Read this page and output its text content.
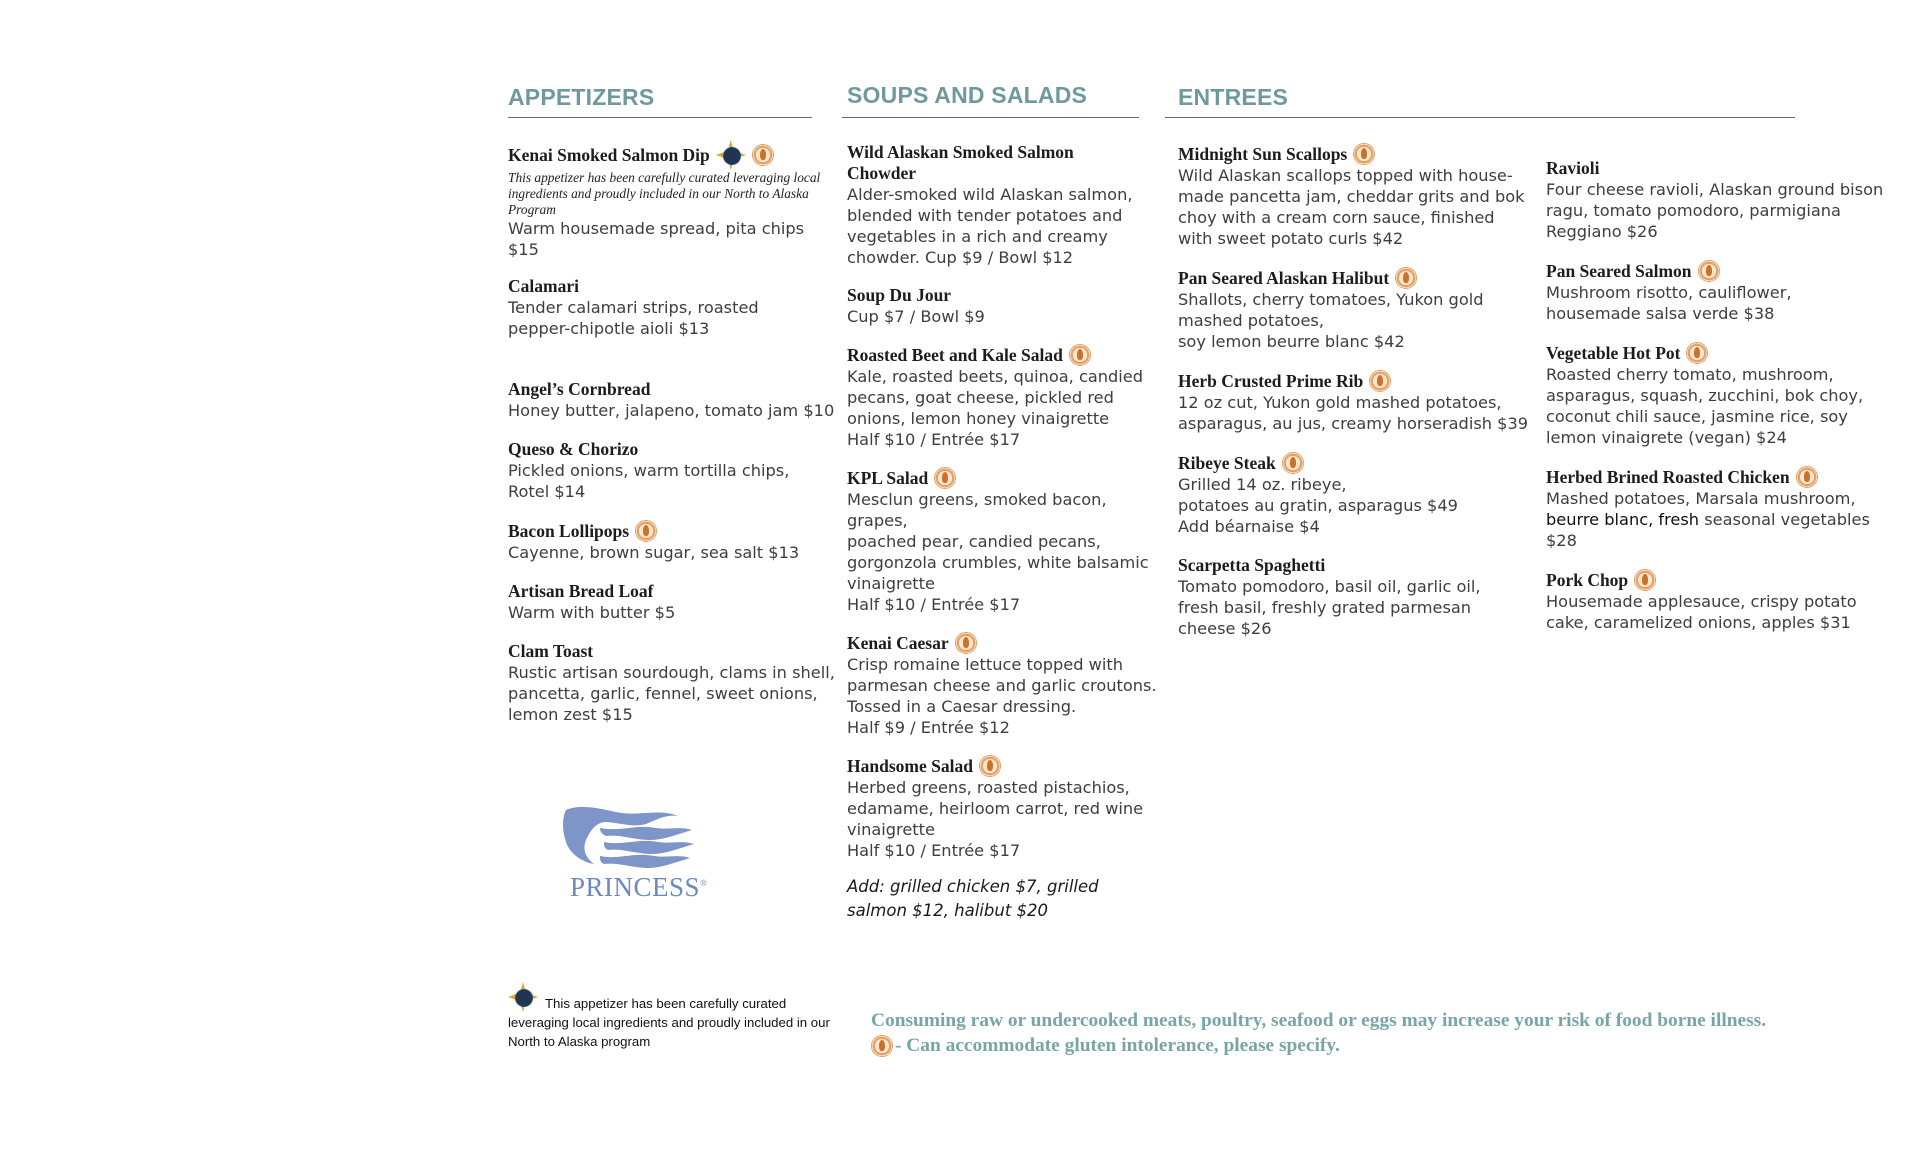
APPETIZERS	SOUPS AND SALADS	ENTREES
Kenai Smoked Salmon Dip
This appetizer has been carefully curated leveraging local ingredients and proudly included in our North to Alaska Program
Warm housemade spread, pita chips $15
Calamari
Tender calamari strips, roasted
pepper-chipotle aioli $13
Angel’s Cornbread
Honey butter, jalapeno, tomato jam $10
Queso & Chorizo
Pickled onions, warm tortilla chips,
Rotel $14
Bacon Lollipops
Cayenne, brown sugar, sea salt $13
Artisan Bread Loaf
Warm with butter $5
Clam Toast
Rustic artisan sourdough, clams in shell,
pancetta, garlic, fennel, sweet onions,
lemon zest $15
PRINCESS®
Wild Alaskan Smoked Salmon Chowder
Alder-smoked wild Alaskan salmon,
blended with tender potatoes and
vegetables in a rich and creamy
chowder. Cup $9 / Bowl $12
Soup Du Jour
Cup $7 / Bowl $9
Roasted Beet and Kale Salad
Kale, roasted beets, quinoa, candied
pecans, goat cheese, pickled red
onions, lemon honey vinaigrette
Half $10 / Entrée $17
KPL Salad
Mesclun greens, smoked bacon, grapes,
poached pear, candied pecans,
gorgonzola crumbles, white balsamic
vinaigrette
Half $10 / Entrée $17
Kenai Caesar
Crisp romaine lettuce topped with
parmesan cheese and garlic croutons.
Tossed in a Caesar dressing.
Half $9 / Entrée $12
Handsome Salad
Herbed greens, roasted pistachios,
edamame, heirloom carrot, red wine
vinaigrette
Half $10 / Entrée $17
Add: grilled chicken $7, grilled salmon $12, halibut $20
Midnight Sun Scallops
Wild Alaskan scallops topped with house-
made pancetta jam, cheddar grits and bok
choy with a cream corn sauce, finished
with sweet potato curls $42
Pan Seared Alaskan Halibut
Shallots, cherry tomatoes, Yukon gold
mashed potatoes,
soy lemon beurre blanc $42
Herb Crusted Prime Rib
12 oz cut, Yukon gold mashed potatoes,
asparagus, au jus, creamy horseradish $39
Ribeye Steak
Grilled 14 oz. ribeye,
potatoes au gratin, asparagus $49
Add béarnaise $4
Scarpetta Spaghetti
Tomato pomodoro, basil oil, garlic oil,
fresh basil, freshly grated parmesan
cheese $26
Ravioli
Four cheese ravioli, Alaskan ground bison
ragu, tomato pomodoro, parmigiana
Reggiano $26
Pan Seared Salmon
Mushroom risotto, cauliflower,
housemade salsa verde $38
Vegetable Hot Pot
Roasted cherry tomato, mushroom,
asparagus, squash, zucchini, bok choy,
coconut chili sauce, jasmine rice, soy
lemon vinaigrete (vegan) $24
Herbed Brined Roasted Chicken
Mashed potatoes, Marsala mushroom,
beurre blanc, fresh seasonal vegetables
$28
Pork Chop
Housemade applesauce, crispy potato
cake, caramelized onions, apples $31
This appetizer has been carefully curated leveraging local ingredients and proudly included in our North to Alaska program
Consuming raw or undercooked meats, poultry, seafood or eggs may increase your risk of food borne illness.
- Can accommodate gluten intolerance, please specify.
